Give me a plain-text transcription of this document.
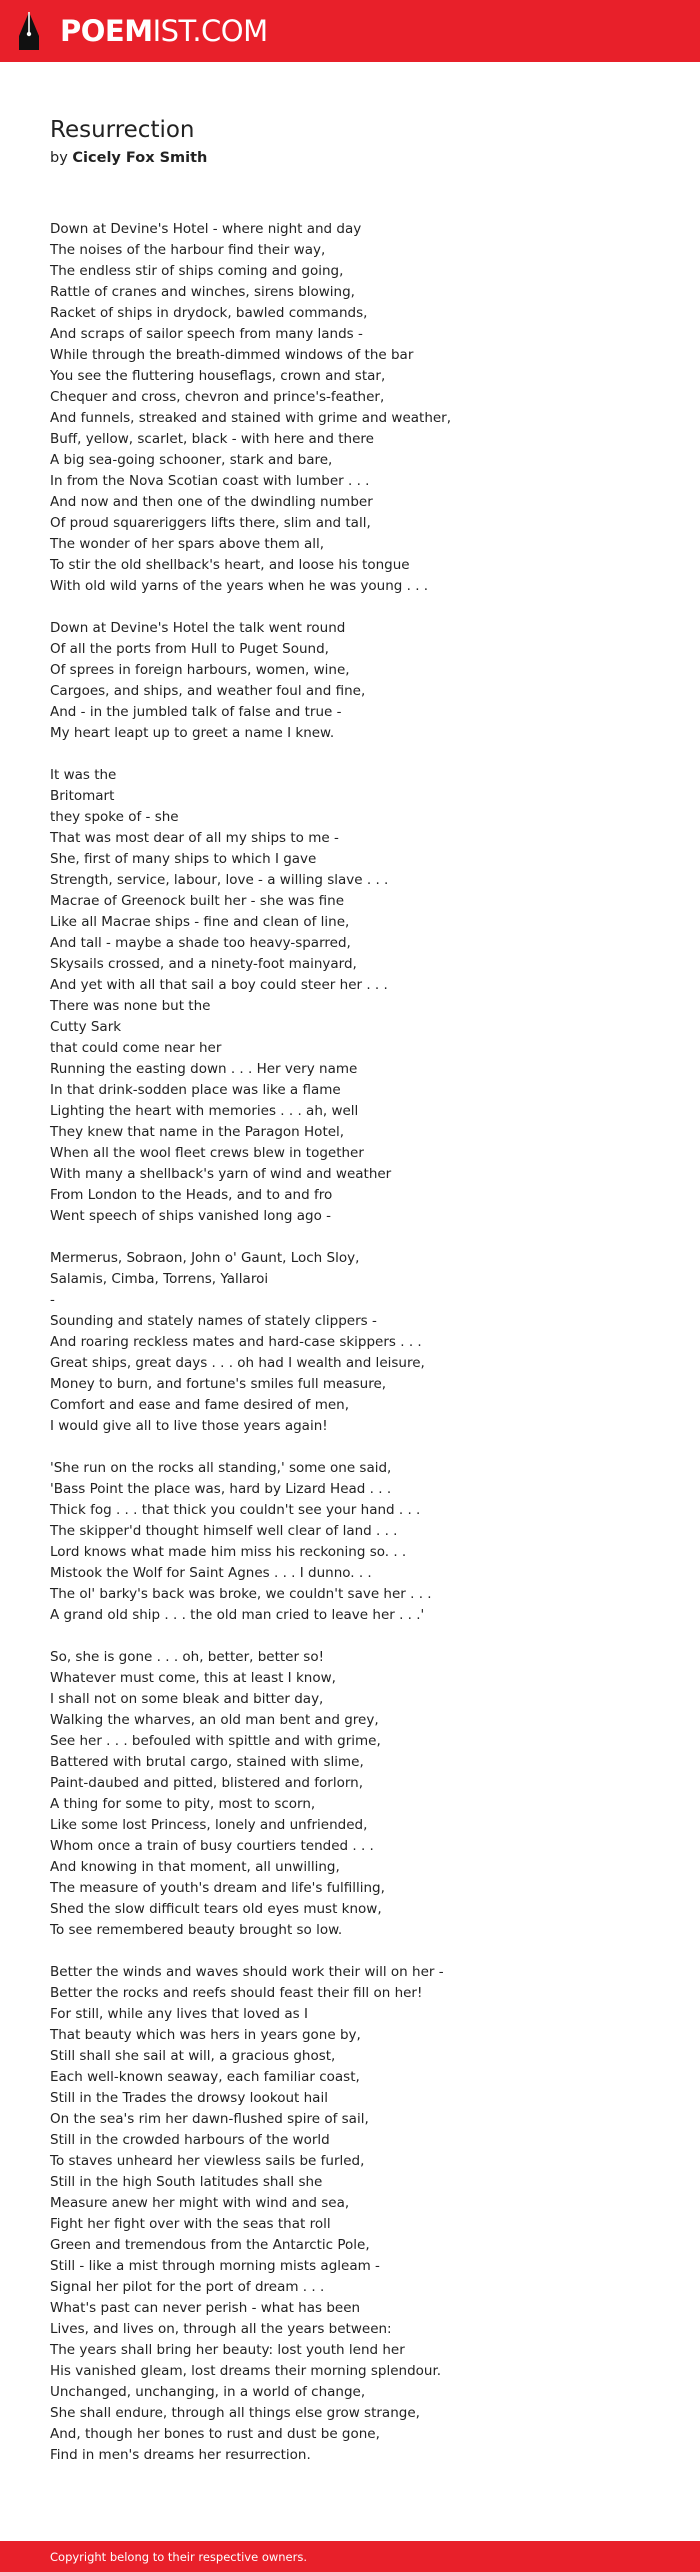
POEMIST.COM
Resurrection
by Cicely Fox Smith
Down at Devine's Hotel - where night and day
The noises of the harbour find their way,
The endless stir of ships coming and going,
Rattle of cranes and winches, sirens blowing,
Racket of ships in drydock, bawled commands,
And scraps of sailor speech from many lands -
While through the breath-dimmed windows of the bar
You see the fluttering houseflags, crown and star,
Chequer and cross, chevron and prince's-feather,
And funnels, streaked and stained with grime and weather,
Buff, yellow, scarlet, black - with here and there
A big sea-going schooner, stark and bare,
In from the Nova Scotian coast with lumber . . .
And now and then one of the dwindling number
Of proud squareriggers lifts there, slim and tall,
The wonder of her spars above them all,
To stir the old shellback's heart, and loose his tongue
With old wild yarns of the years when he was young . . .
Down at Devine's Hotel the talk went round
Of all the ports from Hull to Puget Sound,
Of sprees in foreign harbours, women, wine,
Cargoes, and ships, and weather foul and fine,
And - in the jumbled talk of false and true -
My heart leapt up to greet a name I knew.
It was the
Britomart
they spoke of - she
That was most dear of all my ships to me -
She, first of many ships to which I gave
Strength, service, labour, love - a willing slave . . .
Macrae of Greenock built her - she was fine
Like all Macrae ships - fine and clean of line,
And tall - maybe a shade too heavy-sparred,
Skysails crossed, and a ninety-foot mainyard,
And yet with all that sail a boy could steer her . . .
There was none but the
Cutty Sark
that could come near her
Running the easting down . . . Her very name
In that drink-sodden place was like a flame
Lighting the heart with memories . . . ah, well
They knew that name in the Paragon Hotel,
When all the wool fleet crews blew in together
With many a shellback's yarn of wind and weather
From London to the Heads, and to and fro
Went speech of ships vanished long ago -
Mermerus, Sobraon, John o' Gaunt, Loch Sloy,
Salamis, Cimba, Torrens, Yallaroi
-
Sounding and stately names of stately clippers -
And roaring reckless mates and hard-case skippers . . .
Great ships, great days . . . oh had I wealth and leisure,
Money to burn, and fortune's smiles full measure,
Comfort and ease and fame desired of men,
I would give all to live those years again!
'She run on the rocks all standing,' some one said,
'Bass Point the place was, hard by Lizard Head . . .
Thick fog . . . that thick you couldn't see your hand . . .
The skipper'd thought himself well clear of land . . .
Lord knows what made him miss his reckoning so. . .
Mistook the Wolf for Saint Agnes . . . I dunno. . .
The ol' barky's back was broke, we couldn't save her . . .
A grand old ship . . . the old man cried to leave her . . .'
So, she is gone . . . oh, better, better so!
Whatever must come, this at least I know,
I shall not on some bleak and bitter day,
Walking the wharves, an old man bent and grey,
See her . . . befouled with spittle and with grime,
Battered with brutal cargo, stained with slime,
Paint-daubed and pitted, blistered and forlorn,
A thing for some to pity, most to scorn,
Like some lost Princess, lonely and unfriended,
Whom once a train of busy courtiers tended . . .
And knowing in that moment, all unwilling,
The measure of youth's dream and life's fulfilling,
Shed the slow difficult tears old eyes must know,
To see remembered beauty brought so low.
Better the winds and waves should work their will on her -
Better the rocks and reefs should feast their fill on her!
For still, while any lives that loved as I
That beauty which was hers in years gone by,
Still shall she sail at will, a gracious ghost,
Each well-known seaway, each familiar coast,
Still in the Trades the drowsy lookout hail
On the sea's rim her dawn-flushed spire of sail,
Still in the crowded harbours of the world
To staves unheard her viewless sails be furled,
Still in the high South latitudes shall she
Measure anew her might with wind and sea,
Fight her fight over with the seas that roll
Green and tremendous from the Antarctic Pole,
Still - like a mist through morning mists agleam -
Signal her pilot for the port of dream . . .
What's past can never perish - what has been
Lives, and lives on, through all the years between:
The years shall bring her beauty: lost youth lend her
His vanished gleam, lost dreams their morning splendour.
Unchanged, unchanging, in a world of change,
She shall endure, through all things else grow strange,
And, though her bones to rust and dust be gone,
Find in men's dreams her resurrection.
Copyright belong to their respective owners.
